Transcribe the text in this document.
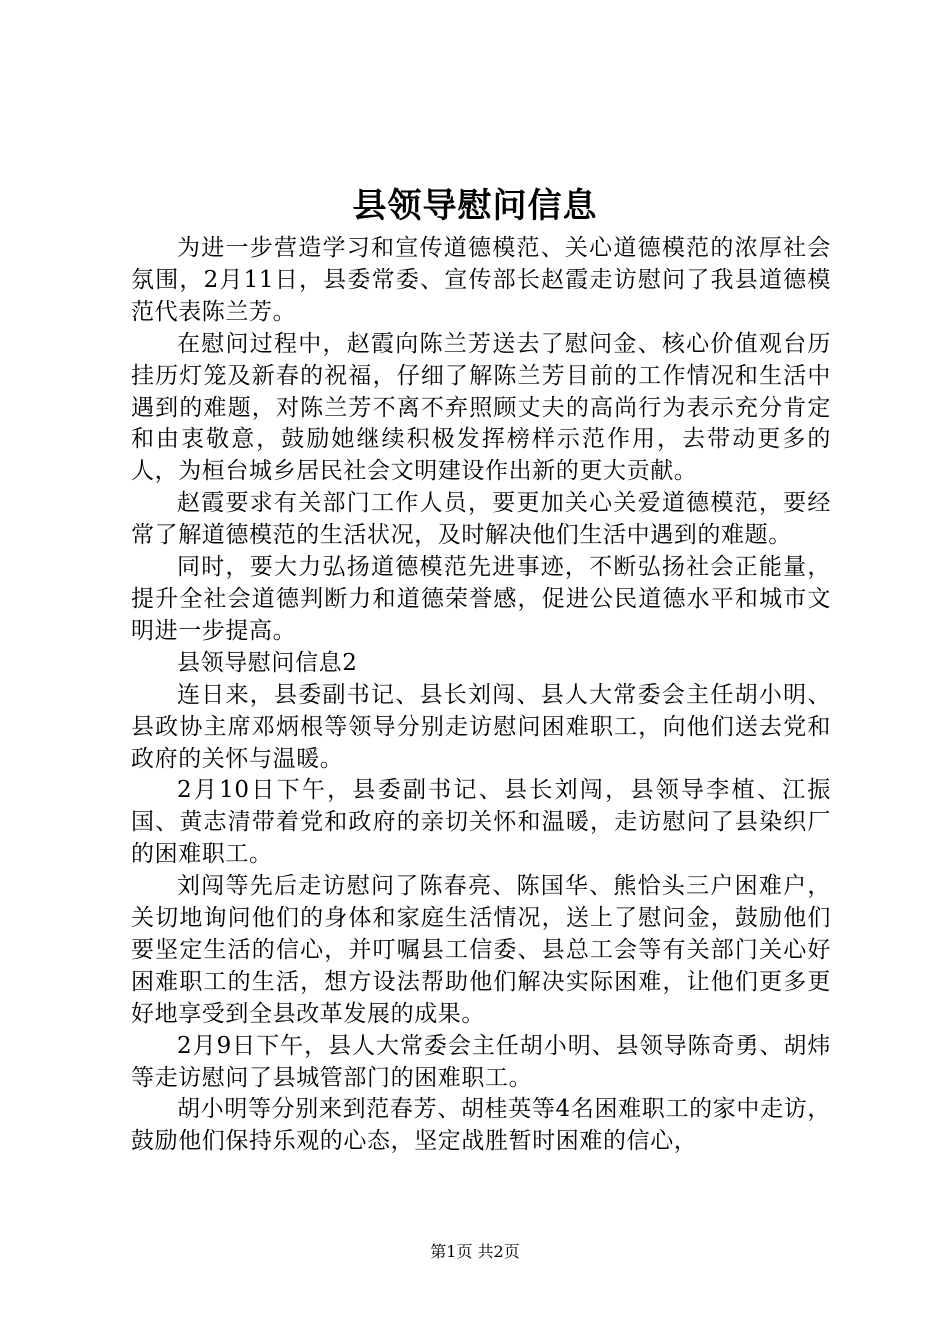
县领导慰问信息

为进一步营造学习和宣传道德模范、关心道德模范的浓厚社会氛围，2月11日，县委常委、宣传部长赵霞走访慰问了我县道德模范代表陈兰芳。

在慰问过程中，赵霞向陈兰芳送去了慰问金、核心价值观台历挂历灯笼及新春的祝福，仔细了解陈兰芳目前的工作情况和生活中遇到的难题，对陈兰芳不离不弃照顾丈夫的高尚行为表示充分肯定和由衷敬意，鼓励她继续积极发挥榜样示范作用，去带动更多的人，为桓台城乡居民社会文明建设作出新的更大贡献。

赵霞要求有关部门工作人员，要更加关心关爱道德模范，要经常了解道德模范的生活状况，及时解决他们生活中遇到的难题。

同时，要大力弘扬道德模范先进事迹，不断弘扬社会正能量，提升全社会道德判断力和道德荣誉感，促进公民道德水平和城市文明进一步提高。

县领导慰问信息2

连日来，县委副书记、县长刘闯、县人大常委会主任胡小明、县政协主席邓炳根等领导分别走访慰问困难职工，向他们送去党和政府的关怀与温暖。

2月10日下午，县委副书记、县长刘闯，县领导李植、江振国、黄志清带着党和政府的亲切关怀和温暖，走访慰问了县染织厂的困难职工。

刘闯等先后走访慰问了陈春亮、陈国华、熊恰头三户困难户，关切地询问他们的身体和家庭生活情况，送上了慰问金，鼓励他们要坚定生活的信心，并叮嘱县工信委、县总工会等有关部门关心好困难职工的生活，想方设法帮助他们解决实际困难，让他们更多更好地享受到全县改革发展的成果。

2月9日下午，县人大常委会主任胡小明、县领导陈奇勇、胡炜等走访慰问了县城管部门的困难职工。

胡小明等分别来到范春芳、胡桂英等4名困难职工的家中走访，鼓励他们保持乐观的心态，坚定战胜暂时困难的信心，

第1页 共2页
